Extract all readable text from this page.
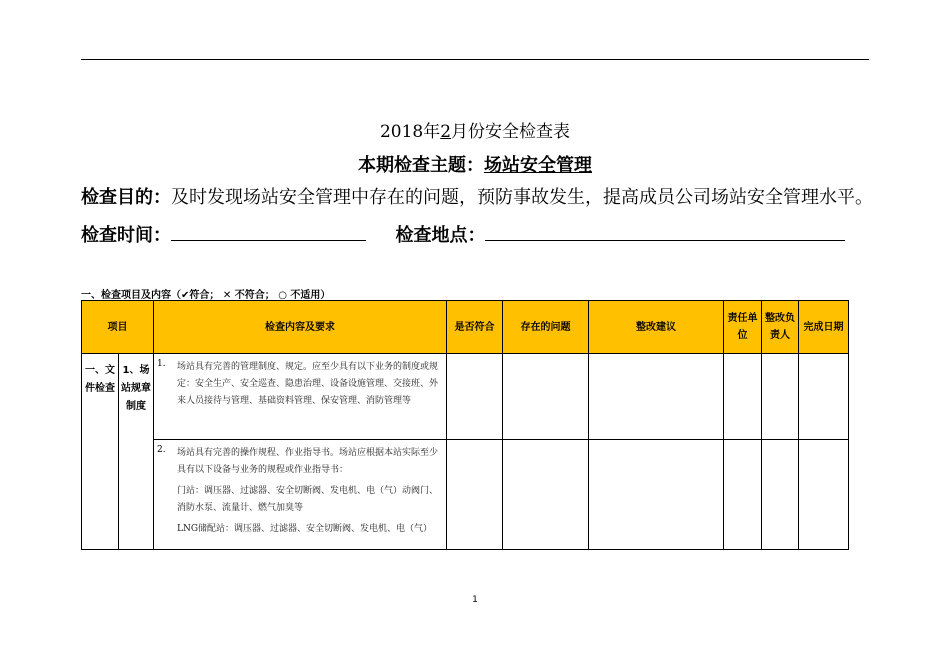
2018年2月份安全检查表
本期检查主题：场站安全管理
检查目的：及时发现场站安全管理中存在的问题，预防事故发生，提高成员公司场站安全管理水平。
检查时间：	检查地点：
一、检查项目及内容（✔符合； ✕ 不符合； ○ 不适用）
项目		检查内容及要求	是否符合	存在的问题	整改建议	责任单位	整改负责人	完成日期
一、文件检查	1、场站规章制度	1. 场站具有完善的管理制度、规定。应至少具有以下业务的制度或规定：安全生产、安全巡查、隐患治理、设备设施管理、交接班、外来人员接待与管理、基础资料管理、保安管理、消防管理等						

		2. 场站具有完善的操作规程、作业指导书。场站应根据本站实际至少具有以下设备与业务的规程或作业指导书：

门站：调压器、过滤器、安全切断阀、发电机、电（气）动阀门、消防水泵、流量计、燃气加臭等

LNG储配站：调压器、过滤器、安全切断阀、发电机、电（气）						

1
